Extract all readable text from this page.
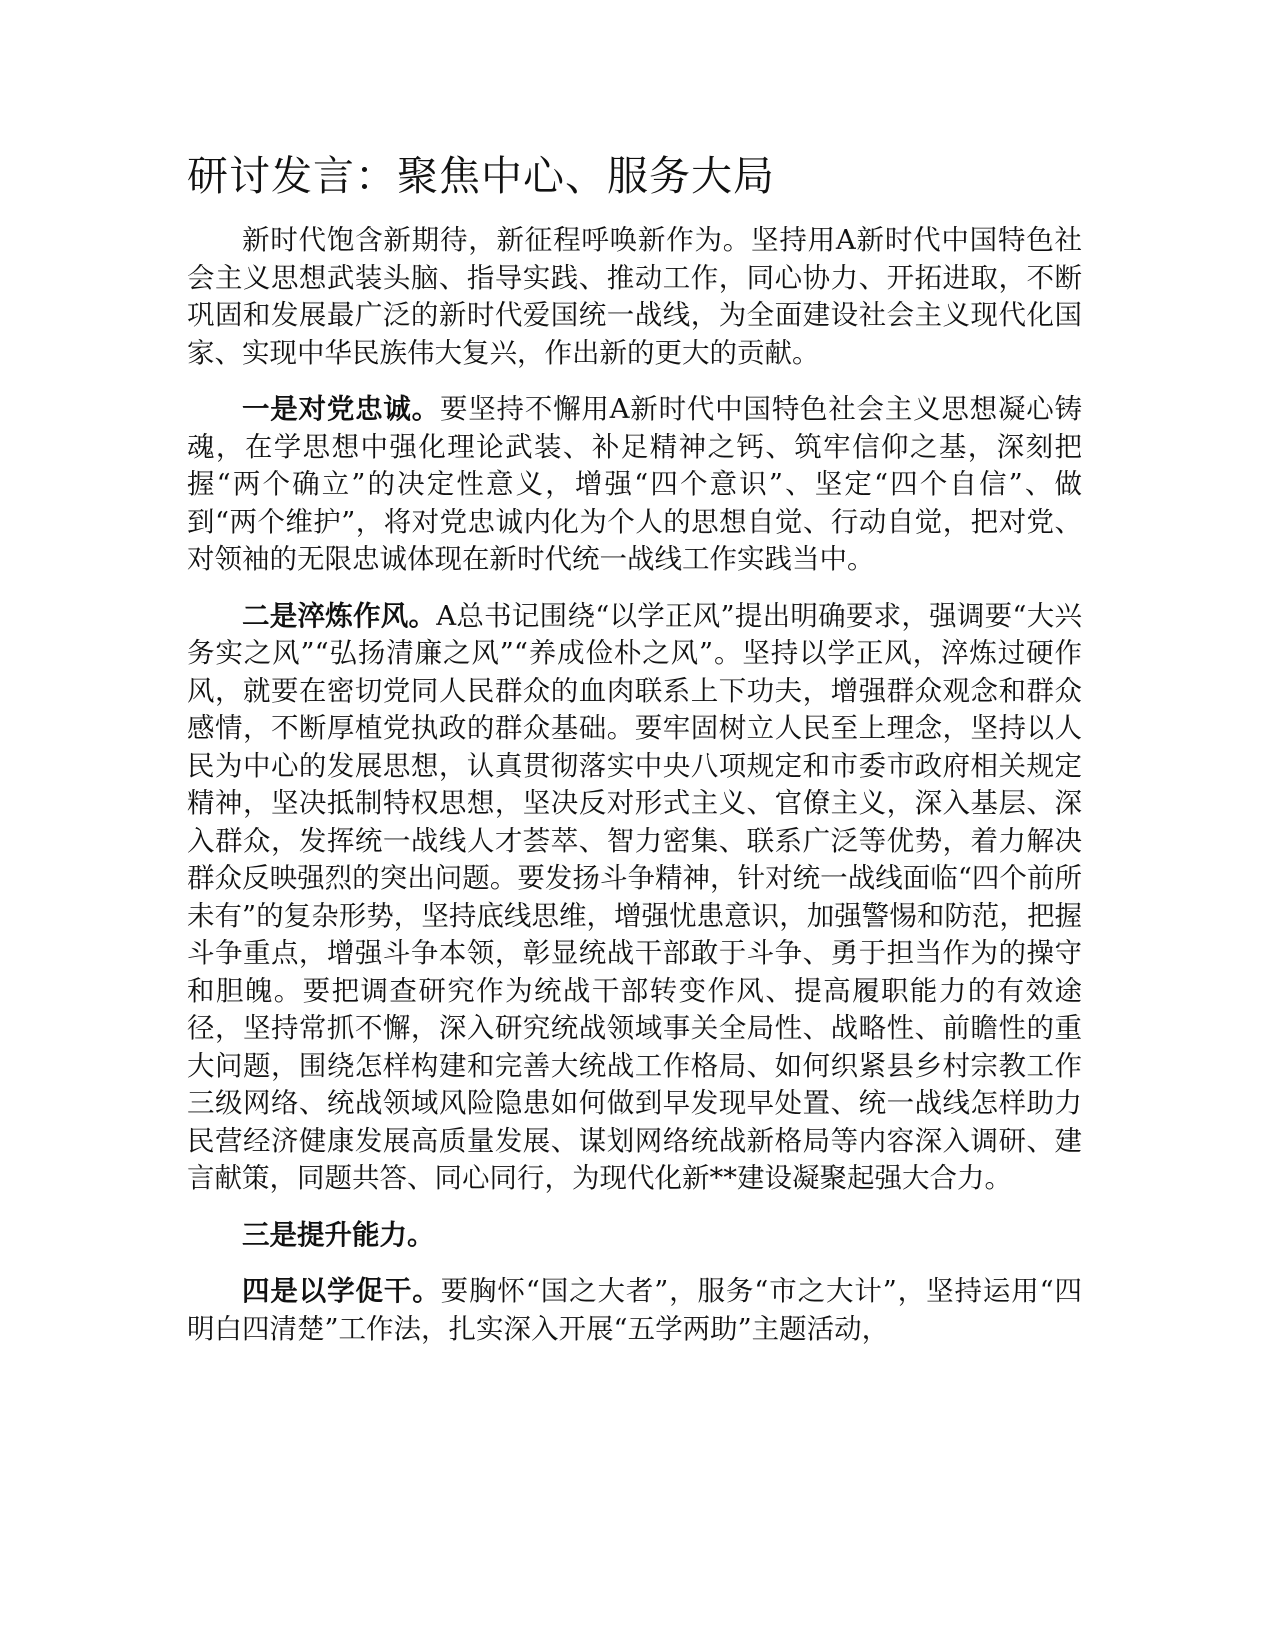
研讨发言：聚焦中心、服务大局

新时代饱含新期待，新征程呼唤新作为。坚持用A新时代中国特色社会主义思想武装头脑、指导实践、推动工作，同心协力、开拓进取，不断巩固和发展最广泛的新时代爱国统一战线，为全面建设社会主义现代化国家、实现中华民族伟大复兴，作出新的更大的贡献。

一是对党忠诚。要坚持不懈用A新时代中国特色社会主义思想凝心铸魂，在学思想中强化理论武装、补足精神之钙、筑牢信仰之基，深刻把握“两个确立”的决定性意义，增强“四个意识”、坚定“四个自信”、做到“两个维护”，将对党忠诚内化为个人的思想自觉、行动自觉，把对党、对领袖的无限忠诚体现在新时代统一战线工作实践当中。

二是淬炼作风。A总书记围绕“以学正风”提出明确要求，强调要“大兴务实之风”“弘扬清廉之风”“养成俭朴之风”。坚持以学正风，淬炼过硬作风，就要在密切党同人民群众的血肉联系上下功夫，增强群众观念和群众感情，不断厚植党执政的群众基础。要牢固树立人民至上理念，坚持以人民为中心的发展思想，认真贯彻落实中央八项规定和市委市政府相关规定精神，坚决抵制特权思想，坚决反对形式主义、官僚主义，深入基层、深入群众，发挥统一战线人才荟萃、智力密集、联系广泛等优势，着力解决群众反映强烈的突出问题。要发扬斗争精神，针对统一战线面临“四个前所未有”的复杂形势，坚持底线思维，增强忧患意识，加强警惕和防范，把握斗争重点，增强斗争本领，彰显统战干部敢于斗争、勇于担当作为的操守和胆魄。要把调查研究作为统战干部转变作风、提高履职能力的有效途径，坚持常抓不懈，深入研究统战领域事关全局性、战略性、前瞻性的重大问题，围绕怎样构建和完善大统战工作格局、如何织紧县乡村宗教工作三级网络、统战领域风险隐患如何做到早发现早处置、统一战线怎样助力民营经济健康发展高质量发展、谋划网络统战新格局等内容深入调研、建言献策，同题共答、同心同行，为现代化新**建设凝聚起强大合力。

三是提升能力。

四是以学促干。要胸怀“国之大者”，服务“市之大计”，坚持运用“四明白四清楚”工作法，扎实深入开展“五学两助”主题活动，
